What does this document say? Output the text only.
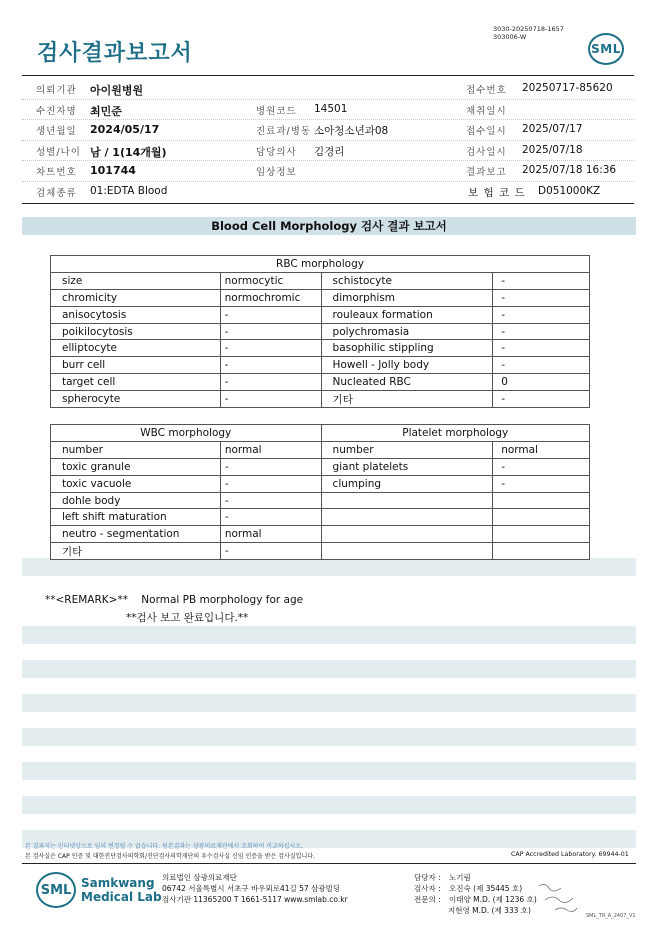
검사결과보고서
3030-20250718-1657
303006-W
SML
의뢰기관 아이원병원	접수번호 20250717-85620
수진자명 최민준	병원코드 14501	채취일시
생년월일 2024/05/17	진료과/병동 소아청소년과08	접수일시 2025/07/17
성별/나이 남 / 1(14개월)	담당의사 김경리	검사일시 2025/07/18
차트번호 101744	임상정보	결과보고 2025/07/18 16:36
검체종류 01:EDTA Blood	보 험 코 드 D051000KZ
Blood Cell Morphology 검사 결과 보고서
RBC morphology			
size	normocytic	schistocyte	-
chromicity	normochromic	dimorphism	-
anisocytosis	-	rouleaux formation	-
poikilocytosis	-	polychromasia	-
elliptocyte	-	basophilic stippling	-
burr cell	-	Howell - Jolly body	-
target cell	-	Nucleated RBC	0
spherocyte	-	기타	-
WBC morphology		Platelet morphology	
number	normal	number	normal
toxic granule	-	giant platelets	-
toxic vacuole	-	clumping	-
dohle body	-		
left shift maturation	-		
neutro - segmentation	normal		
기타	-		
**<REMARK>**    Normal PB morphology for age
**검사 보고 완료입니다.**
본 결과지는 인터넷상으로 임의 변경될 수 없습니다. 원본결과는 삼광의료재단에서 조회하여 비교하십시오.
본 검사실은 CAP 인증 및 대한진단검사의학회/진단검사의학재단의 우수검사실 신임 인증을 받은 검사실입니다.	CAP Accredited Laboratory. 69944-01
SML Samkwang
Medical Lab
의료법인 삼광의료재단
06742 서울특별시 서초구 바우뫼로41길 57 삼광빌딩
검사기관 11365200 T 1661-5117 www.smlab.co.kr
담당자 : 노기림
검사자 : 오진숙 (제 35445 호)
전문의 : 이태양 M.D. (제 1236 호)
지현영 M.D. (제 333 호)
SML_TR_A_2407_V1
